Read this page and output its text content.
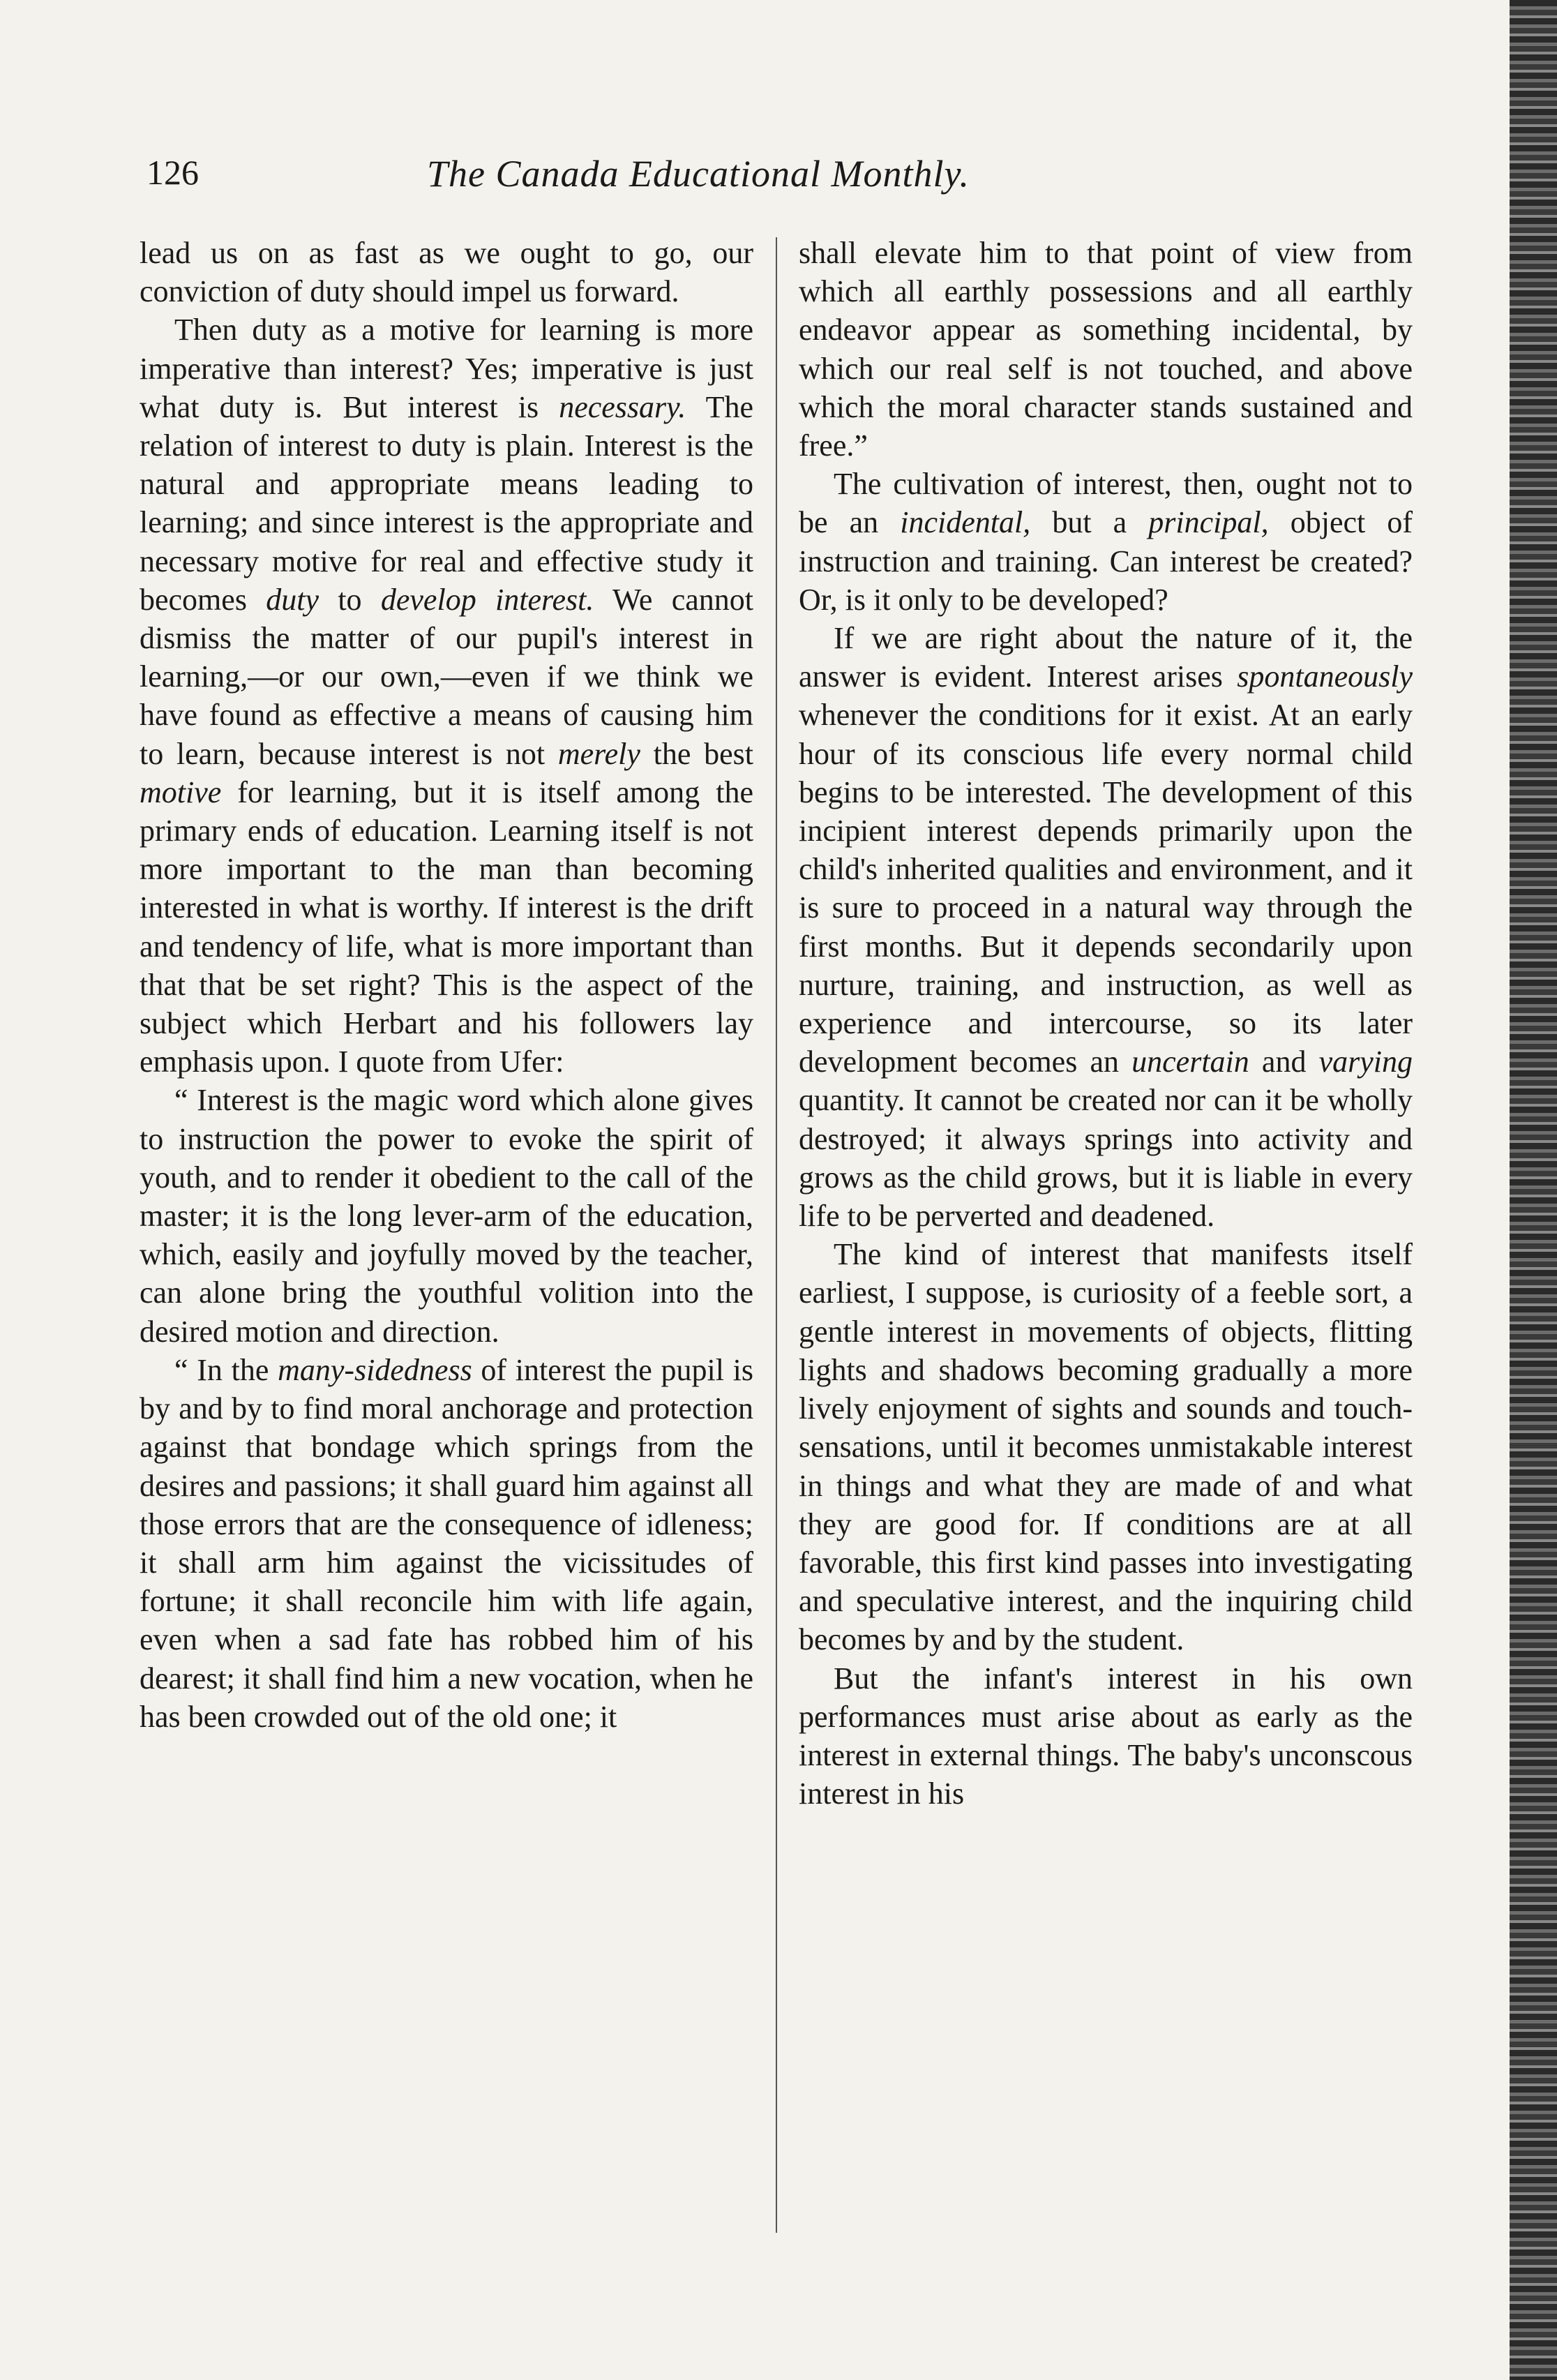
126	The Canada Educational Monthly.

lead us on as fast as we ought to go, our conviction of duty should impel us forward.

Then duty as a motive for learning is more imperative than interest? Yes; imperative is just what duty is. But interest is necessary. The relation of interest to duty is plain. Interest is the natural and appropriate means leading to learning; and since interest is the appropriate and necessary motive for real and effective study it becomes duty to develop interest. We cannot dismiss the matter of our pupil's interest in learning,—or our own,—even if we think we have found as effective a means of causing him to learn, because interest is not merely the best motive for learning, but it is itself among the primary ends of education. Learning itself is not more important to the man than becoming interested in what is worthy. If interest is the drift and tendency of life, what is more important than that that be set right? This is the aspect of the subject which Herbart and his followers lay emphasis upon. I quote from Ufer:

“ Interest is the magic word which alone gives to instruction the power to evoke the spirit of youth, and to render it obedient to the call of the master; it is the long lever-arm of the education, which, easily and joyfully moved by the teacher, can alone bring the youthful volition into the desired motion and direction.

“ In the many-sidedness of interest the pupil is by and by to find moral anchorage and protection against that bondage which springs from the desires and passions; it shall guard him against all those errors that are the consequence of idleness; it shall arm him against the vicissitudes of fortune; it shall reconcile him with life again, even when a sad fate has robbed him of his dearest; it shall find him a new vocation, when he has been crowded out of the old one; it

shall elevate him to that point of view from which all earthly possessions and all earthly endeavor appear as something incidental, by which our real self is not touched, and above which the moral character stands sustained and free.”

The cultivation of interest, then, ought not to be an incidental, but a principal, object of instruction and training. Can interest be created? Or, is it only to be developed?

If we are right about the nature of it, the answer is evident. Interest arises spontaneously whenever the conditions for it exist. At an early hour of its conscious life every normal child begins to be interested. The development of this incipient interest depends primarily upon the child's inherited qualities and environment, and it is sure to proceed in a natural way through the first months. But it depends secondarily upon nurture, training, and instruction, as well as experience and intercourse, so its later development becomes an uncertain and varying quantity. It cannot be created nor can it be wholly destroyed; it always springs into activity and grows as the child grows, but it is liable in every life to be perverted and deadened.

The kind of interest that manifests itself earliest, I suppose, is curiosity of a feeble sort, a gentle interest in movements of objects, flitting lights and shadows becoming gradually a more lively enjoyment of sights and sounds and touch-sensations, until it becomes unmistakable interest in things and what they are made of and what they are good for. If conditions are at all favorable, this first kind passes into investigating and speculative interest, and the inquiring child becomes by and by the student.

But the infant's interest in his own performances must arise about as early as the interest in external things. The baby's unconscous interest in his
